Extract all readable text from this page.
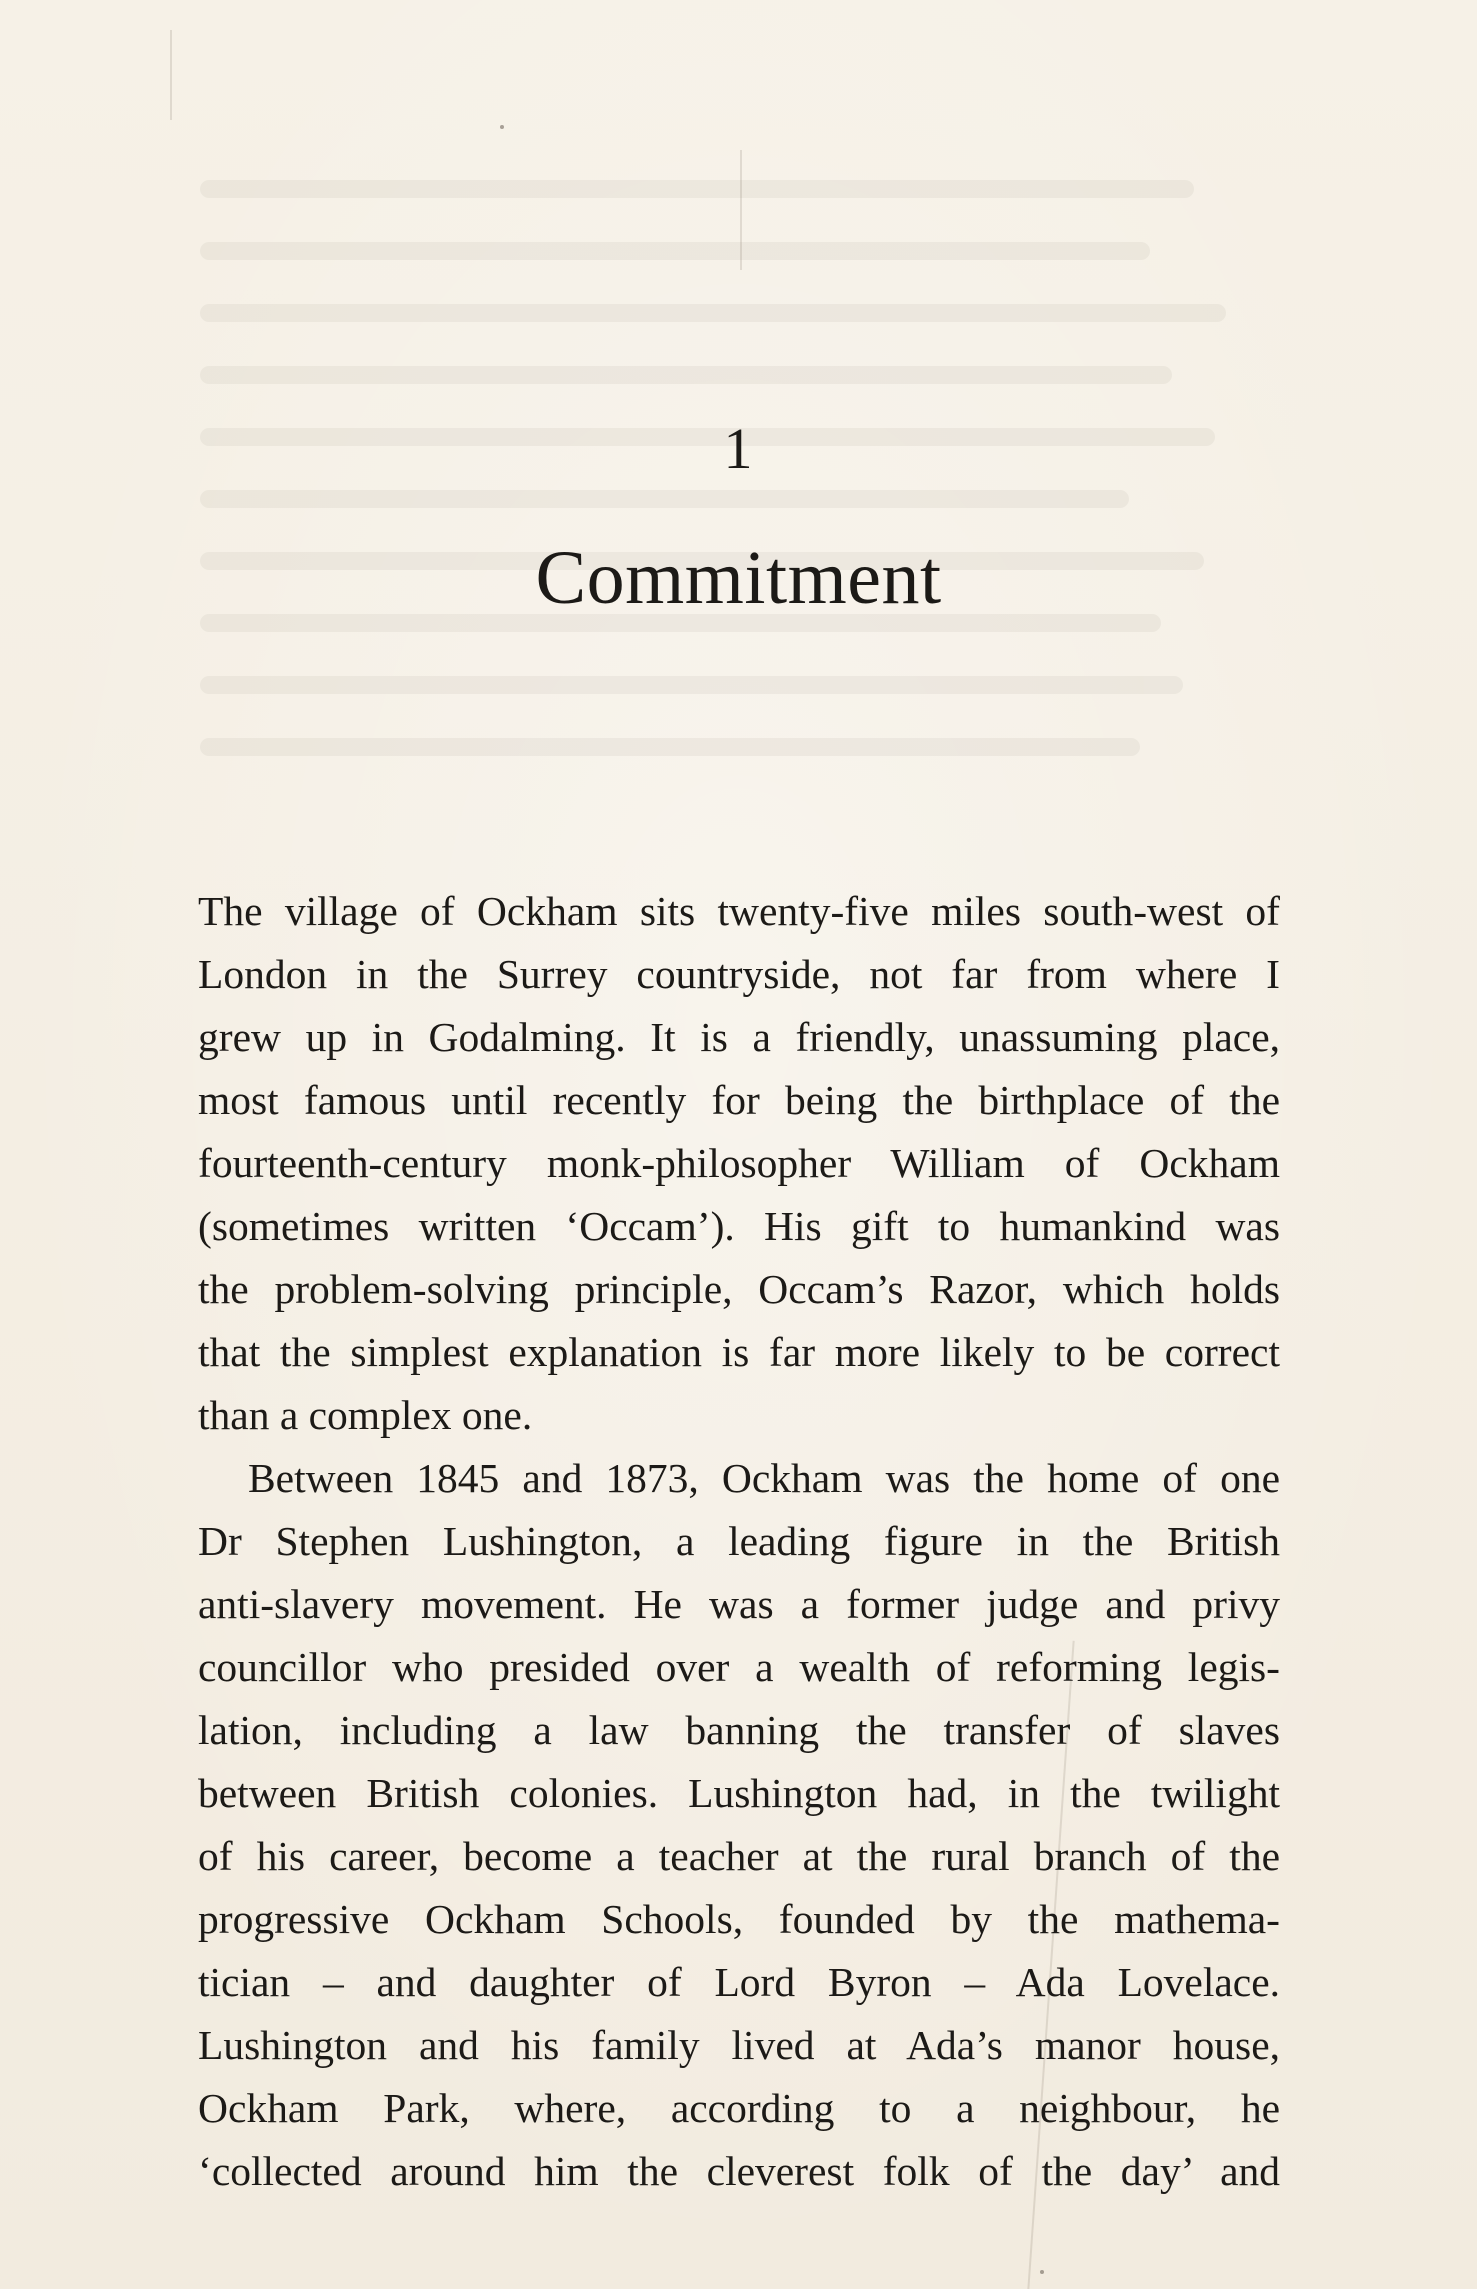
1
Commitment
The village of Ockham sits twenty-five miles south-west of
London in the Surrey countryside, not far from where I
grew up in Godalming. It is a friendly, unassuming place,
most famous until recently for being the birthplace of the
fourteenth-century monk-philosopher William of Ockham
(sometimes written ‘Occam’). His gift to humankind was
the problem-solving principle, Occam’s Razor, which holds
that the simplest explanation is far more likely to be correct
than a complex one.
Between 1845 and 1873, Ockham was the home of one
Dr Stephen Lushington, a leading figure in the British
anti-slavery movement. He was a former judge and privy
councillor who presided over a wealth of reforming legis-
lation, including a law banning the transfer of slaves
between British colonies. Lushington had, in the twilight
of his career, become a teacher at the rural branch of the
progressive Ockham Schools, founded by the mathema-
tician – and daughter of Lord Byron – Ada Lovelace.
Lushington and his family lived at Ada’s manor house,
Ockham Park, where, according to a neighbour, he
‘collected around him the cleverest folk of the day’ and
